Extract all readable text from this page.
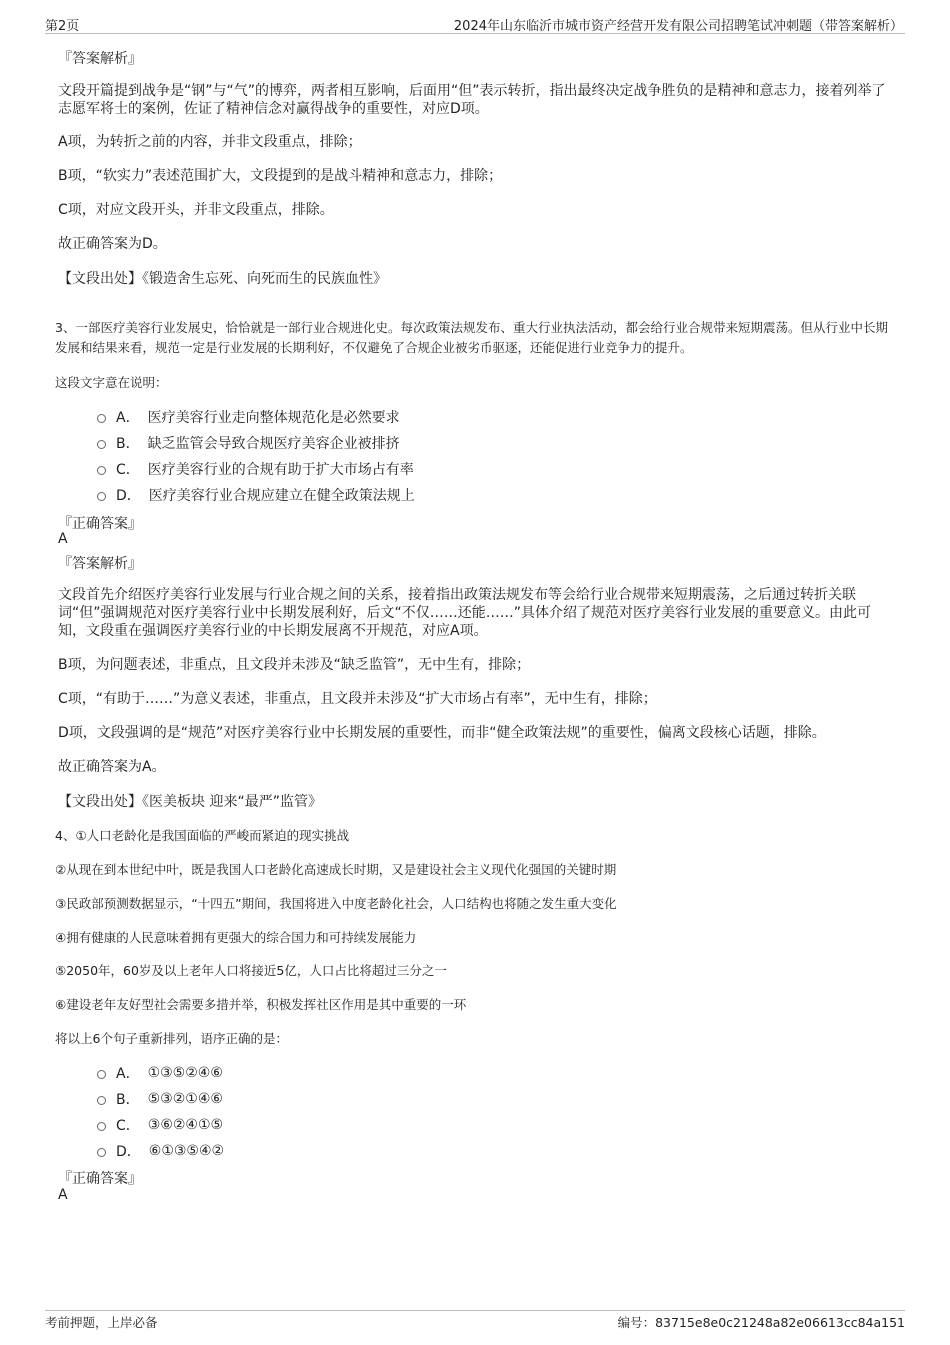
第2页	2024年山东临沂市城市资产经营开发有限公司招聘笔试冲刺题（带答案解析）
『答案解析』
文段开篇提到战争是“钢”与“气”的博弈，两者相互影响，后面用“但”表示转折，指出最终决定战争胜负的是精神和意志力，接着列举了志愿军将士的案例，佐证了精神信念对赢得战争的重要性，对应D项。
A项，为转折之前的内容，并非文段重点，排除；
B项，“软实力”表述范围扩大，文段提到的是战斗精神和意志力，排除；
C项，对应文段开头，并非文段重点，排除。
故正确答案为D。
【文段出处】《锻造舍生忘死、向死而生的民族血性》
3、一部医疗美容行业发展史，恰恰就是一部行业合规进化史。每次政策法规发布、重大行业执法活动，都会给行业合规带来短期震荡。但从行业中长期发展和结果来看，规范一定是行业发展的长期利好，不仅避免了合规企业被劣币驱逐，还能促进行业竞争力的提升。
这段文字意在说明：
A． 医疗美容行业走向整体规范化是必然要求
B． 缺乏监管会导致合规医疗美容企业被排挤
C． 医疗美容行业的合规有助于扩大市场占有率
D． 医疗美容行业合规应建立在健全政策法规上
『正确答案』
A
『答案解析』
文段首先介绍医疗美容行业发展与行业合规之间的关系，接着指出政策法规发布等会给行业合规带来短期震荡，之后通过转折关联词“但”强调规范对医疗美容行业中长期发展利好，后文“不仅……还能……”具体介绍了规范对医疗美容行业发展的重要意义。由此可知，文段重在强调医疗美容行业的中长期发展离不开规范，对应A项。
B项，为问题表述，非重点，且文段并未涉及“缺乏监管”，无中生有，排除；
C项，“有助于……”为意义表述，非重点，且文段并未涉及“扩大市场占有率”，无中生有，排除；
D项，文段强调的是“规范”对医疗美容行业中长期发展的重要性，而非“健全政策法规”的重要性，偏离文段核心话题，排除。
故正确答案为A。
【文段出处】《医美板块 迎来“最严”监管》
4、①人口老龄化是我国面临的严峻而紧迫的现实挑战
②从现在到本世纪中叶，既是我国人口老龄化高速成长时期，又是建设社会主义现代化强国的关键时期
③民政部预测数据显示，“十四五”期间，我国将进入中度老龄化社会，人口结构也将随之发生重大变化
④拥有健康的人民意味着拥有更强大的综合国力和可持续发展能力
⑤2050年，60岁及以上老年人口将接近5亿，人口占比将超过三分之一
⑥建设老年友好型社会需要多措并举，积极发挥社区作用是其中重要的一环
将以上6个句子重新排列，语序正确的是：
A． ①③⑤②④⑥
B． ⑤③②①④⑥
C． ③⑥②④①⑤
D． ⑥①③⑤④②
『正确答案』
A
考前押题，上岸必备	编号：83715e8e0c21248a82e06613cc84a151
